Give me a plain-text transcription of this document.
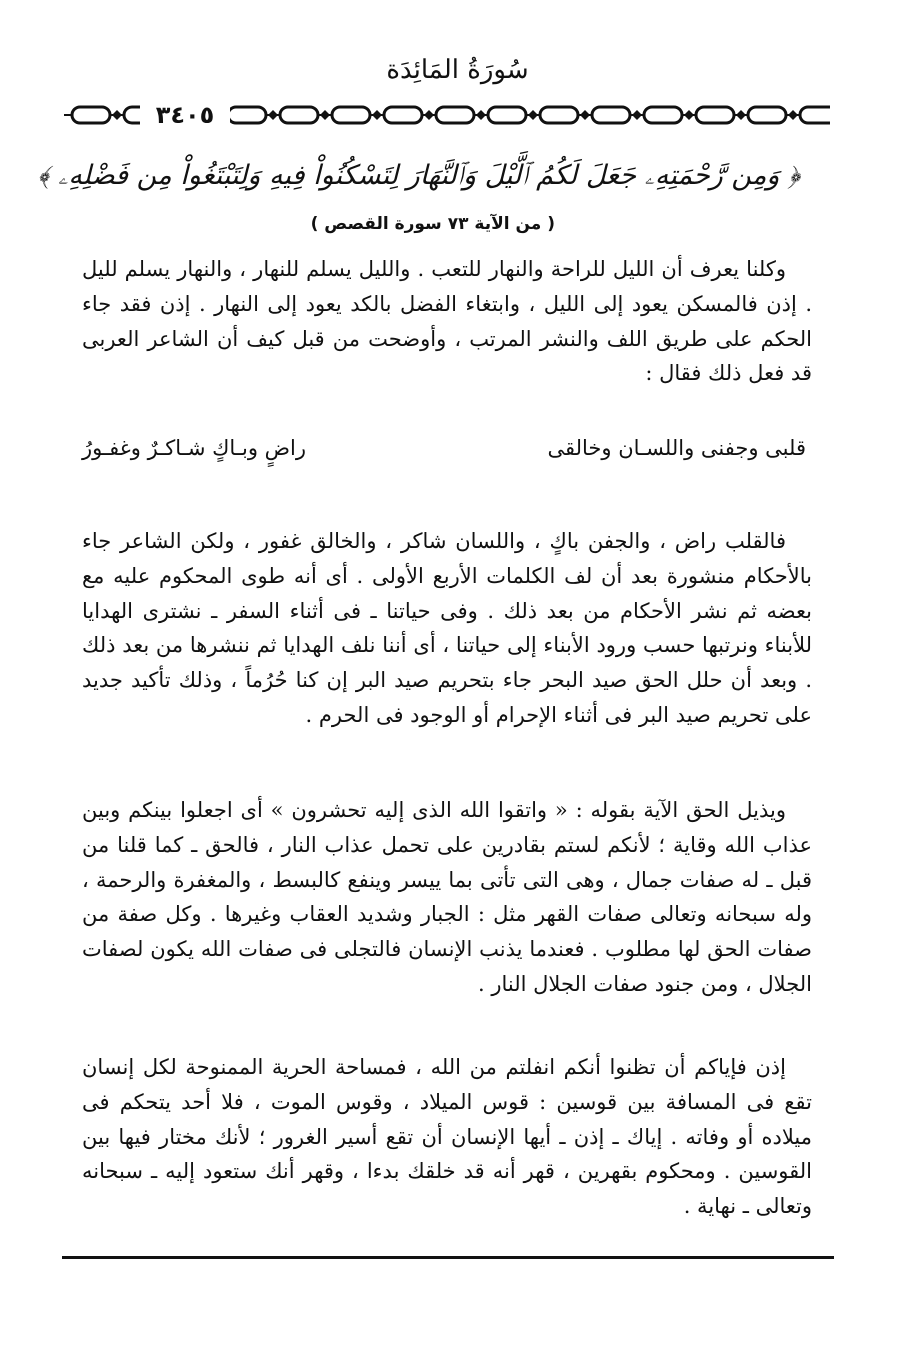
سُورَةُ المَائِدَة
٣٤٠٥
﴿ وَمِن رَّحْمَتِهِۦ جَعَلَ لَكُمُ ٱلَّيْلَ وَٱلنَّهَارَ لِتَسْكُنُواْ فِيهِ وَلِتَبْتَغُواْ مِن فَضْلِهِۦ ﴾
( من الآية ٧٣ سورة القصص )

وكلنا يعرف أن الليل للراحة والنهار للتعب . والليل يسلم للنهار ، والنهار يسلم لليل . إذن فالمسكن يعود إلى الليل ، وابتغاء الفضل بالكد يعود إلى النهار . إذن فقد جاء الحكم على طريق اللف والنشر المرتب ، وأوضحت من قبل كيف أن الشاعر العربى قد فعل ذلك فقال :

قلبى وجفنى واللسـان وخالقى
راضٍ وبـاكٍ شـاكـرٌ وغفـورُ

فالقلب راض ، والجفن باكٍ ، واللسان شاكر ، والخالق غفور ، ولكن الشاعر جاء بالأحكام منشورة بعد أن لف الكلمات الأربع الأولى . أى أنه طوى المحكوم عليه مع بعضه ثم نشر الأحكام من بعد ذلك . وفى حياتنا ـ فى أثناء السفر ـ نشترى الهدايا للأبناء ونرتبها حسب ورود الأبناء إلى حياتنا ، أى أننا نلف الهدايا ثم ننشرها من بعد ذلك . وبعد أن حلل الحق صيد البحر جاء بتحريم صيد البر إن كنا حُرُماً ، وذلك تأكيد جديد على تحريم صيد البر فى أثناء الإحرام أو الوجود فى الحرم .

ويذيل الحق الآية بقوله : « واتقوا الله الذى إليه تحشرون » أى اجعلوا بينكم وبين عذاب الله وقاية ؛ لأنكم لستم بقادرين على تحمل عذاب النار ، فالحق ـ كما قلنا من قبل ـ له صفات جمال ، وهى التى تأتى بما ييسر وينفع كالبسط ، والمغفرة والرحمة ، وله سبحانه وتعالى صفات القهر مثل : الجبار وشديد العقاب وغيرها . وكل صفة من صفات الحق لها مطلوب . فعندما يذنب الإنسان فالتجلى فى صفات الله يكون لصفات الجلال ، ومن جنود صفات الجلال النار .

إذن فإياكم أن تظنوا أنكم انفلتم من الله ، فمساحة الحرية الممنوحة لكل إنسان تقع فى المسافة بين قوسين : قوس الميلاد ، وقوس الموت ، فلا أحد يتحكم فى ميلاده أو وفاته . إياك ـ إذن ـ أيها الإنسان أن تقع أسير الغرور ؛ لأنك مختار فيها بين القوسين . ومحكوم بقهرين ، قهر أنه قد خلقك بدءا ، وقهر أنك ستعود إليه ـ سبحانه وتعالى ـ نهاية .
